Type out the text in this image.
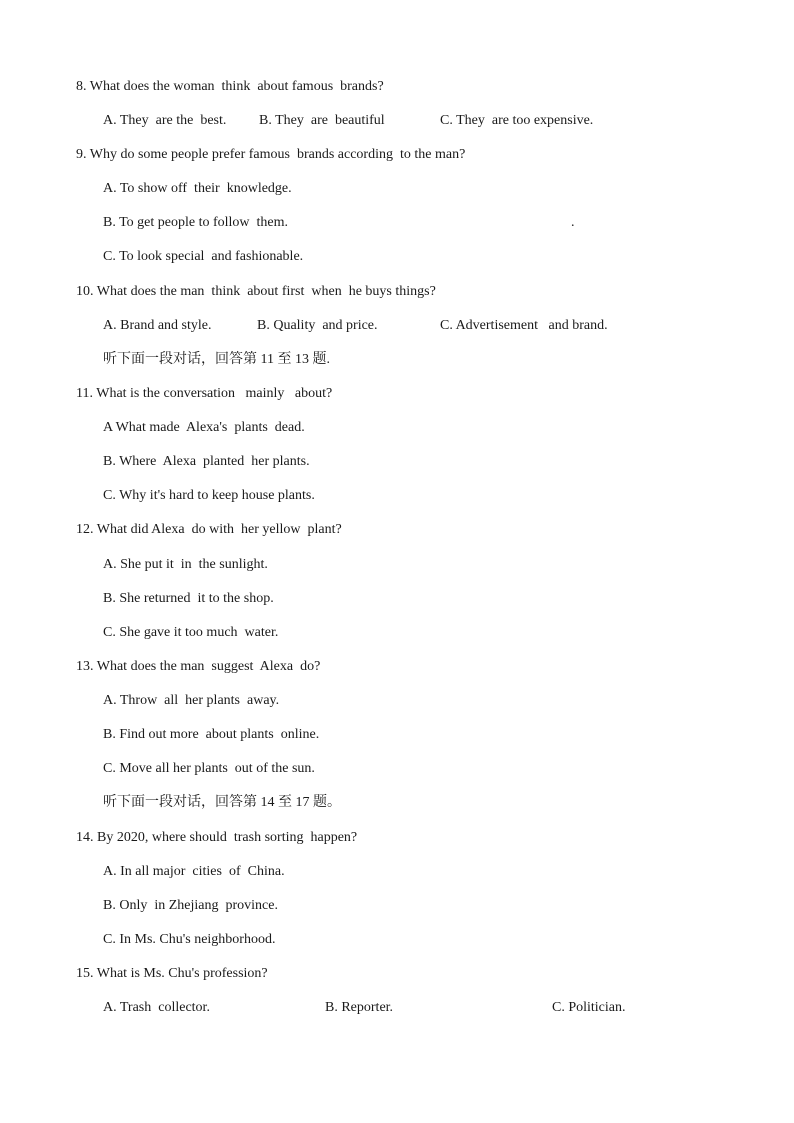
8. What does the woman  think  about famous  brands?

A. They  are the  best.

B. They  are  beautiful

	C. They  are too expensive.

9. Why do some people prefer famous  brands according  to the man?
A. To show off  their  knowledge.
B. To get people to follow  them.	.
C. To look special  and fashionable.
10. What does the man  think  about first  when  he buys things?

A. Brand and style.

	B. Quality  and price.

	C. Advertisement   and brand.

听下面一段对话，回答第 11 至 13 题.
11. What is the conversation   mainly   about?
A What made  Alexa's  plants  dead.
B. Where  Alexa  planted  her plants.
C. Why it's hard to keep house plants.
12. What did Alexa  do with  her yellow  plant?
A. She put it  in  the sunlight.
B. She returned  it to the shop.
C. She gave it too much  water.
13. What does the man  suggest  Alexa  do?
A. Throw  all  her plants  away.
B. Find out more  about plants  online.
C. Move all her plants  out of the sun.
听下面一段对话，回答第 14 至 17 题。
14. By 2020, where should  trash sorting  happen?
A. In all major  cities  of  China.
B. Only  in Zhejiang  province.
C. In Ms. Chu's neighborhood.
15. What is Ms. Chu's profession?

A. Trash  collector.

	B. Reporter.

	C. Politician.
